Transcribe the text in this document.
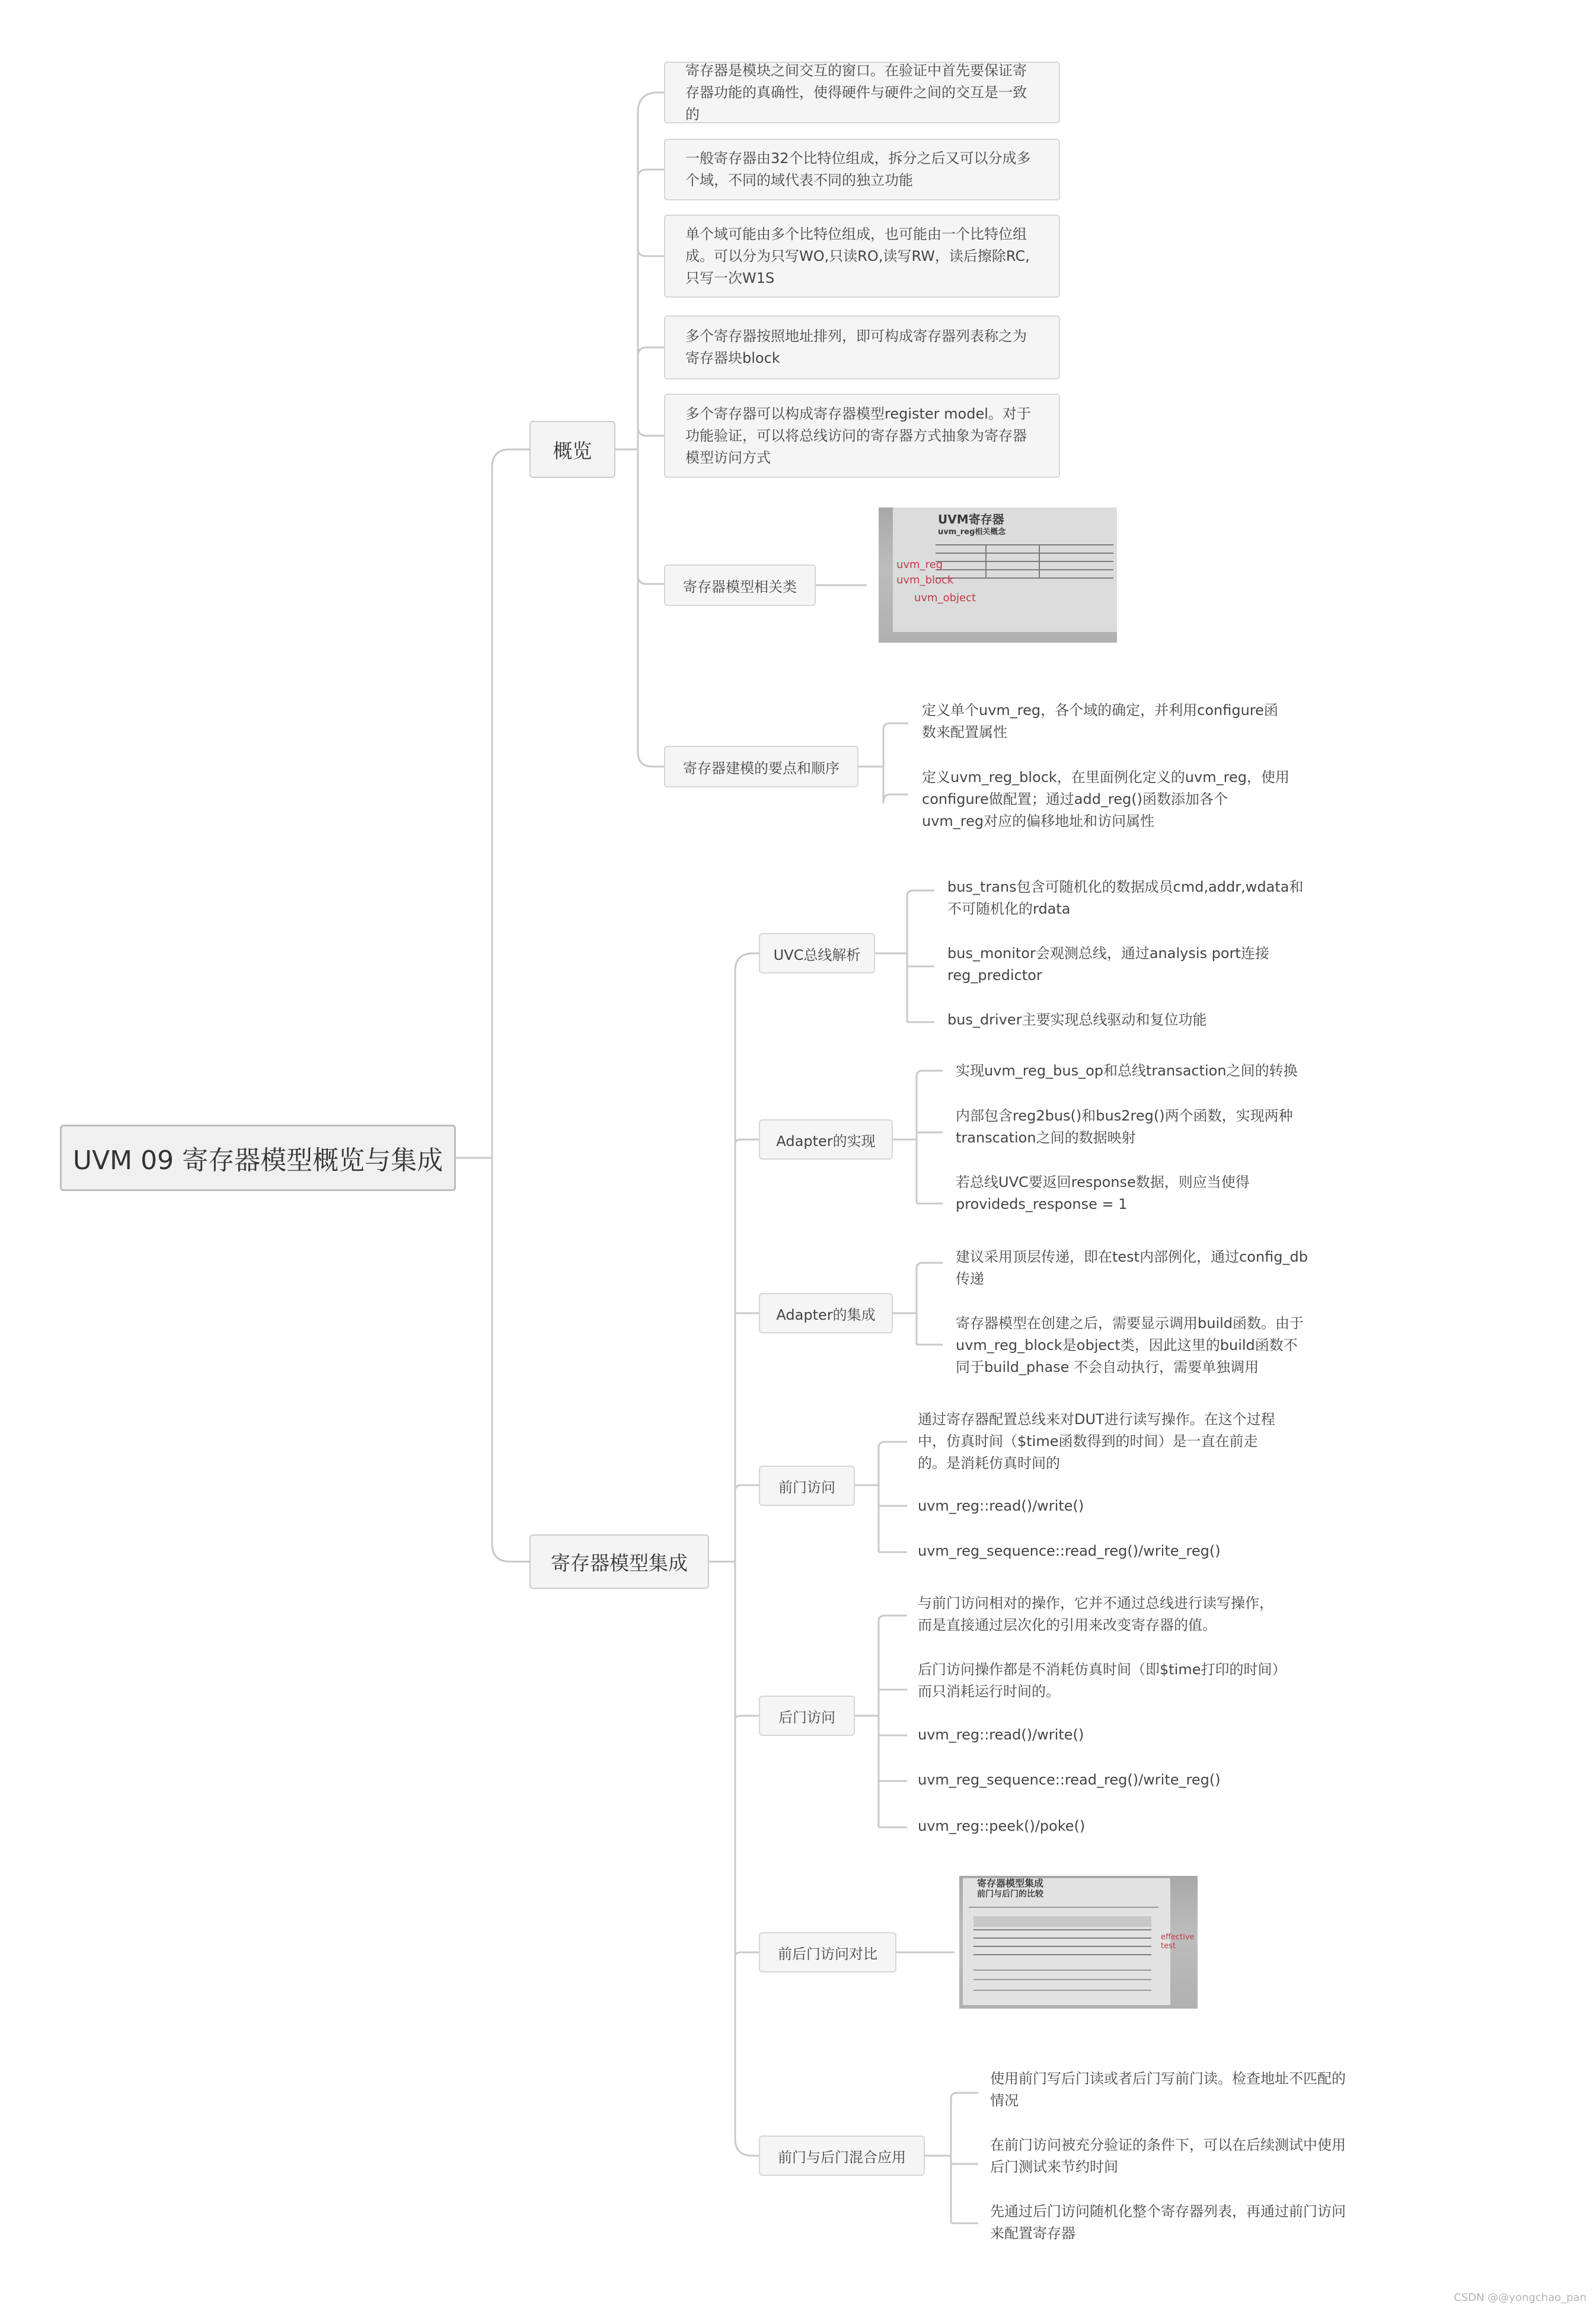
UVM 09 寄存器模型概览与集成
概览
寄存器是模块之间交互的窗口。在验证中首先要保证寄存器功能的真确性，使得硬件与硬件之间的交互是一致的
一般寄存器由32个比特位组成，拆分之后又可以分成多个域，不同的域代表不同的独立功能
单个域可能由多个比特位组成，也可能由一个比特位组成。可以分为只写WO,只读RO,读写RW，读后擦除RC,只写一次W1S
多个寄存器按照地址排列，即可构成寄存器列表称之为寄存器块block
多个寄存器可以构成寄存器模型register model。对于功能验证，可以将总线访问的寄存器方式抽象为寄存器模型访问方式
寄存器模型相关类
UVM寄存器
uvm_reg相关概念
uvm_reg
uvm_block
uvm_object
寄存器建模的要点和顺序
定义单个uvm_reg，各个域的确定，并利用configure函数来配置属性
定义uvm_reg_block，在里面例化定义的uvm_reg，使用configure做配置；通过add_reg()函数添加各个uvm_reg对应的偏移地址和访问属性
寄存器模型集成
UVC总线解析
bus_trans包含可随机化的数据成员cmd,addr,wdata和不可随机化的rdata
bus_monitor会观测总线，通过analysis port连接reg_predictor
bus_driver主要实现总线驱动和复位功能
Adapter的实现
实现uvm_reg_bus_op和总线transaction之间的转换
内部包含reg2bus()和bus2reg()两个函数，实现两种transcation之间的数据映射
若总线UVC要返回response数据，则应当使得provideds_response = 1
Adapter的集成
建议采用顶层传递，即在test内部例化，通过config_db传递
寄存器模型在创建之后，需要显示调用build函数。由于uvm_reg_block是object类，因此这里的build函数不同于build_phase 不会自动执行，需要单独调用
前门访问
通过寄存器配置总线来对DUT进行读写操作。在这个过程中，仿真时间（$time函数得到的时间）是一直在前走的。是消耗仿真时间的
uvm_reg::read()/write()
uvm_reg_sequence::read_reg()/write_reg()
后门访问
与前门访问相对的操作，它并不通过总线进行读写操作，而是直接通过层次化的引用来改变寄存器的值。
后门访问操作都是不消耗仿真时间（即$time打印的时间）而只消耗运行时间的。
uvm_reg::read()/write()
uvm_reg_sequence::read_reg()/write_reg()
uvm_reg::peek()/poke()
前后门访问对比
寄存器模型集成
前门与后门的比较
effective test
前门与后门混合应用
使用前门写后门读或者后门写前门读。检查地址不匹配的情况
在前门访问被充分验证的条件下，可以在后续测试中使用后门测试来节约时间
先通过后门访问随机化整个寄存器列表，再通过前门访问来配置寄存器
CSDN @@yongchao_pan
